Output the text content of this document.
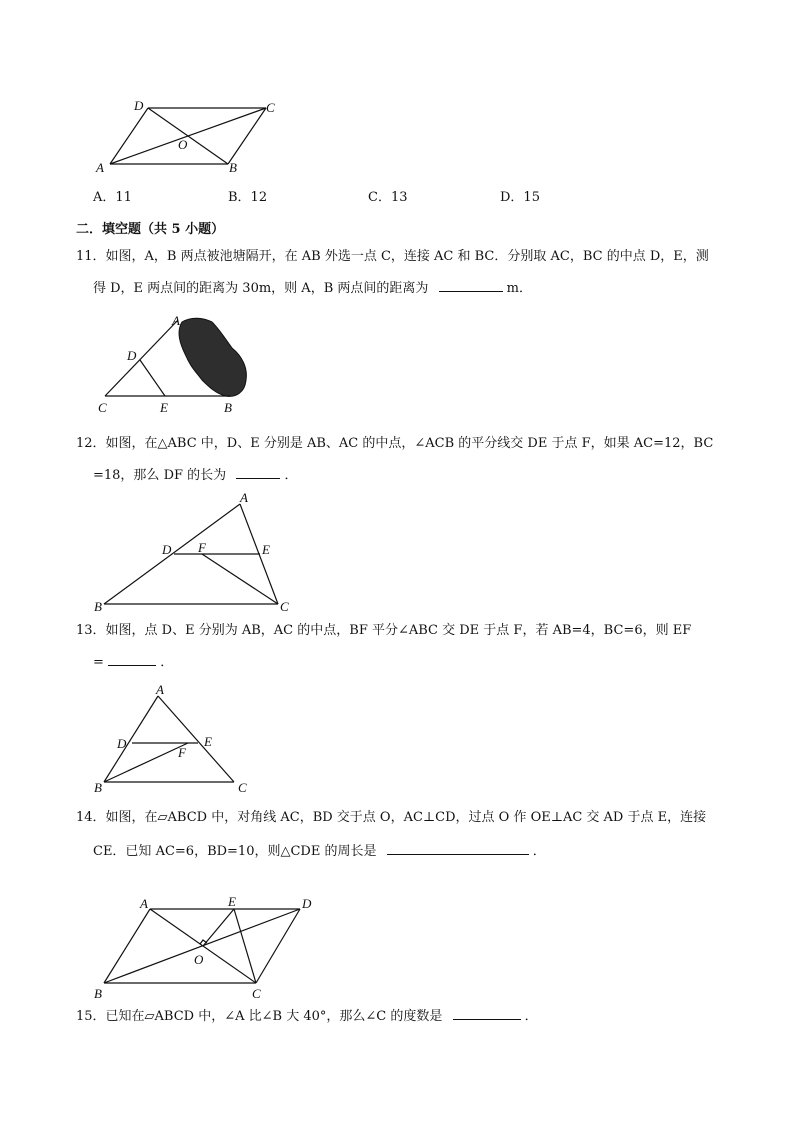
D	C
O
A	B
A．11	B．12	C．13	D．15
二．填空题（共 5 小题）
11．如图，A，B 两点被池塘隔开，在 AB 外选一点 C，连接 AC 和 BC．分别取 AC，BC 的中点 D，E，测
得 D，E 两点间的距离为 30m，则 A，B 两点间的距离为	m．
A
D
C	E	B
12．如图，在△ABC 中，D、E 分别是 AB、AC 的中点，∠ACB 的平分线交 DE 于点 F，如果 AC=12，BC
=18，那么 DF 的长为	．
A
D F	E
B	C
13．如图，点 D、E 分别为 AB，AC 的中点，BF 平分∠ABC 交 DE 于点 F，若 AB=4，BC=6，则 EF
=	．
A
D	E
F
B	C
14．如图，在▱ABCD 中，对角线 AC，BD 交于点 O，AC⊥CD，过点 O 作 OE⊥AC 交 AD 于点 E，连接
CE．已知 AC=6，BD=10，则△CDE 的周长是	．
A	E	D
O
B	C
15．已知在▱ABCD 中，∠A 比∠B 大 40°，那么∠C 的度数是	．
